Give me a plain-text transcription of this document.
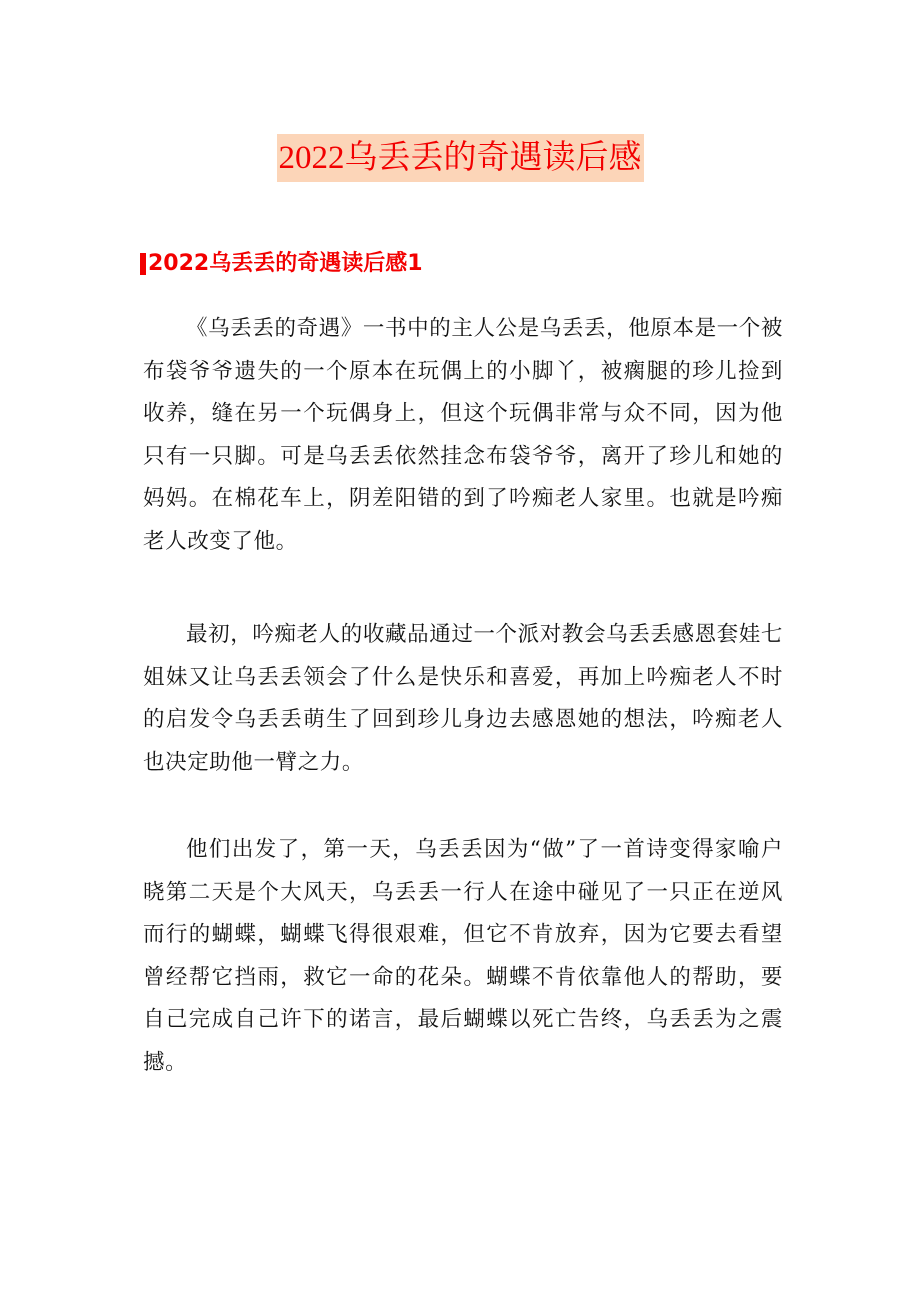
2022乌丢丢的奇遇读后感
2022乌丢丢的奇遇读后感1

《乌丢丢的奇遇》一书中的主人公是乌丢丢，他原本是一个被布袋爷爷遗失的一个原本在玩偶上的小脚丫，被瘸腿的珍儿捡到收养，缝在另一个玩偶身上，但这个玩偶非常与众不同，因为他只有一只脚。可是乌丢丢依然挂念布袋爷爷，离开了珍儿和她的妈妈。在棉花车上，阴差阳错的到了吟痴老人家里。也就是吟痴老人改变了他。

最初，吟痴老人的收藏品通过一个派对教会乌丢丢感恩套娃七姐妹又让乌丢丢领会了什么是快乐和喜爱，再加上吟痴老人不时的启发令乌丢丢萌生了回到珍儿身边去感恩她的想法，吟痴老人也决定助他一臂之力。

他们出发了，第一天，乌丢丢因为“做”了一首诗变得家喻户晓第二天是个大风天，乌丢丢一行人在途中碰见了一只正在逆风而行的蝴蝶，蝴蝶飞得很艰难，但它不肯放弃，因为它要去看望曾经帮它挡雨，救它一命的花朵。蝴蝶不肯依靠他人的帮助，要自己完成自己许下的诺言，最后蝴蝶以死亡告终，乌丢丢为之震撼。
